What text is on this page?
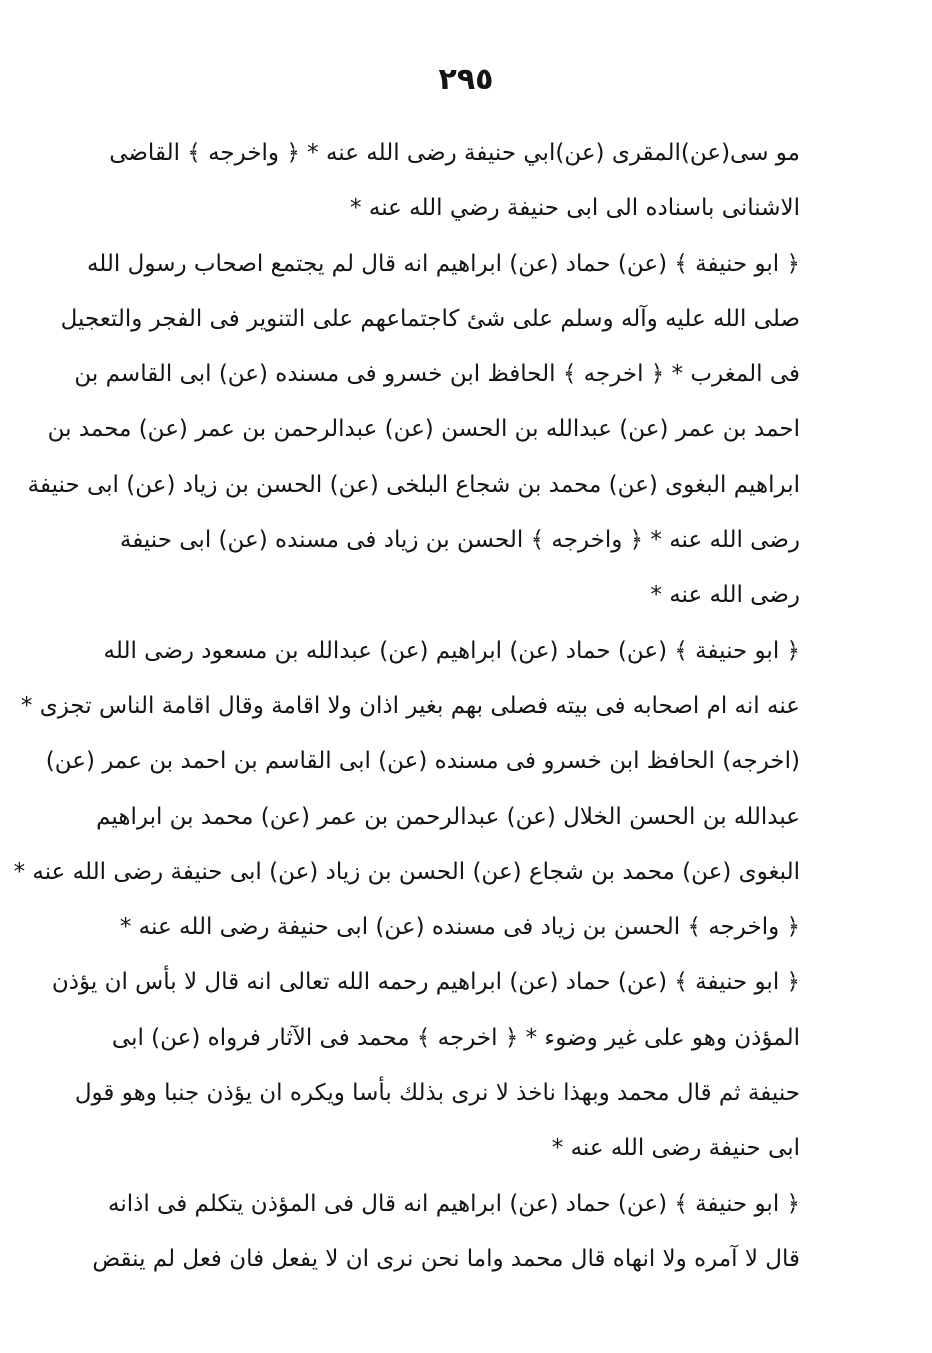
٢٩٥
مو سى(عن)المقرى (عن)ابي حنيفة رضى الله عنه * ﴿ واخرجه ﴾ القاضى
الاشنانى باسناده الى ابى حنيفة رضي الله عنه *
﴿ ابو حنيفة ﴾ (عن) حماد (عن) ابراهيم انه قال لم يجتمع اصحاب رسول الله
صلى الله عليه وآله وسلم على شئ كاجتماعهم على التنوير فى الفجر والتعجيل
فى المغرب * ﴿ اخرجه ﴾ الحافظ ابن خسرو فى مسنده (عن) ابى القاسم بن
احمد بن عمر (عن) عبدالله بن الحسن (عن) عبدالرحمن بن عمر (عن) محمد بن
ابراهيم البغوى (عن) محمد بن شجاع البلخى (عن) الحسن بن زياد (عن) ابى حنيفة
رضى الله عنه * ﴿ واخرجه ﴾ الحسن بن زياد فى مسنده (عن) ابى حنيفة
رضى الله عنه *
﴿ ابو حنيفة ﴾ (عن) حماد (عن) ابراهيم (عن) عبدالله بن مسعود رضى الله
عنه انه ام اصحابه فى بيته فصلى بهم بغير اذان ولا اقامة وقال اقامة الناس تجزى *
(اخرجه) الحافظ ابن خسرو فى مسنده (عن) ابى القاسم بن احمد بن عمر (عن)
عبدالله بن الحسن الخلال (عن) عبدالرحمن بن عمر (عن) محمد بن ابراهيم
البغوى (عن) محمد بن شجاع (عن) الحسن بن زياد (عن) ابى حنيفة رضى الله عنه *
﴿ واخرجه ﴾ الحسن بن زياد فى مسنده (عن) ابى حنيفة رضى الله عنه *
﴿ ابو حنيفة ﴾ (عن) حماد (عن) ابراهيم رحمه الله تعالى انه قال لا بأس ان يؤذن
المؤذن وهو على غير وضوء * ﴿ اخرجه ﴾ محمد فى الآثار فرواه (عن) ابى
حنيفة ثم قال محمد وبهذا ناخذ لا نرى بذلك بأسا ويكره ان يؤذن جنبا وهو قول
ابى حنيفة رضى الله عنه *
﴿ ابو حنيفة ﴾ (عن) حماد (عن) ابراهيم انه قال فى المؤذن يتكلم فى اذانه
قال لا آمره ولا انهاه قال محمد واما نحن نرى ان لا يفعل فان فعل لم ينقض
